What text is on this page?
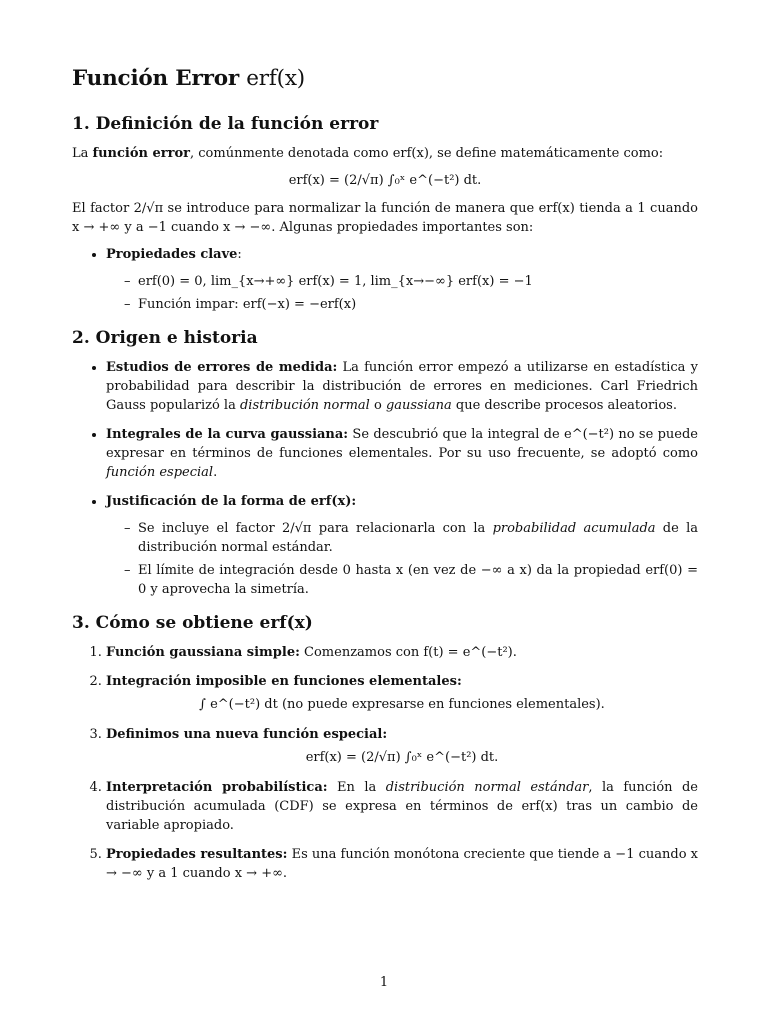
Función Error erf(x)
1. Definición de la función error

La función error, comúnmente denotada como erf(x), se define matemáticamente como:

erf(x) = (2/√π) ∫₀ˣ e^(−t²) dt.

El factor 2/√π se introduce para normalizar la función de manera que erf(x) tienda a 1 cuando x → +∞ y a −1 cuando x → −∞. Algunas propiedades importantes son:

• Propiedades clave:
– erf(0) = 0, lim_{x→+∞} erf(x) = 1, lim_{x→−∞} erf(x) = −1
– Función impar: erf(−x) = −erf(x)
2. Origen e historia
• Estudios de errores de medida: La función error empezó a utilizarse en estadística y probabilidad para describir la distribución de errores en mediciones. Carl Friedrich Gauss popularizó la distribución normal o gaussiana que describe procesos aleatorios.
• Integrales de la curva gaussiana: Se descubrió que la integral de e^(−t²) no se puede expresar en términos de funciones elementales. Por su uso frecuente, se adoptó como función especial.
• Justificación de la forma de erf(x):
– Se incluye el factor 2/√π para relacionarla con la probabilidad acumulada de la distribución normal estándar.
– El límite de integración desde 0 hasta x (en vez de −∞ a x) da la propiedad erf(0) = 0 y aprovecha la simetría.
3. Cómo se obtiene erf(x)
1. Función gaussiana simple: Comenzamos con f(t) = e^(−t²).
2. Integración imposible en funciones elementales:
∫ e^(−t²) dt (no puede expresarse en funciones elementales).
3. Definimos una nueva función especial:
erf(x) = (2/√π) ∫₀ˣ e^(−t²) dt.
4. Interpretación probabilística: En la distribución normal estándar, la función de distribución acumulada (CDF) se expresa en términos de erf(x) tras un cambio de variable apropiado.
5. Propiedades resultantes: Es una función monótona creciente que tiende a −1 cuando x → −∞ y a 1 cuando x → +∞.
1
